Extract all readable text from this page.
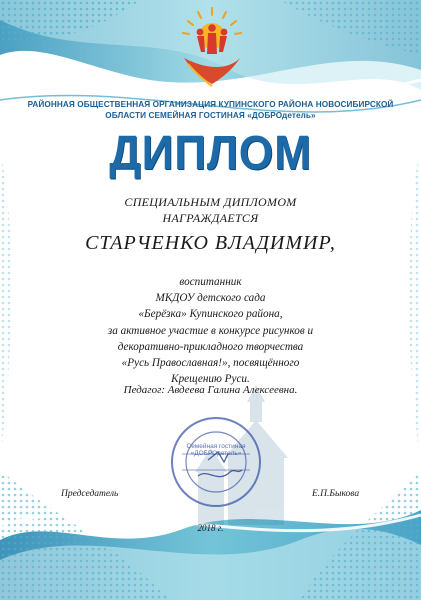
РАЙОННАЯ ОБЩЕСТВЕННАЯ ОРГАНИЗАЦИЯ КУПИНСКОГО РАЙОНА НОВОСИБИРСКОЙ
ОБЛАСТИ СЕМЕЙНАЯ ГОСТИНАЯ «ДОБРОдетель»
ДИПЛОМ
СПЕЦИАЛЬНЫМ ДИПЛОМОМ
НАГРАЖДАЕТСЯ
СТАРЧЕНКО ВЛАДИМИР,
воспитанник
МКДОУ детского сада
«Берёзка» Купинского района,
за активное участие в конкурсе рисунков и
декоративно-прикладного творчества
«Русь Православная!», посвящённого
Крещению Руси.
Педагог: Авдеева Галина Алексеевна.
Семейная гостиная «ДОБРОдетель»
Председатель	Е.П.Быкова
2018 г.
